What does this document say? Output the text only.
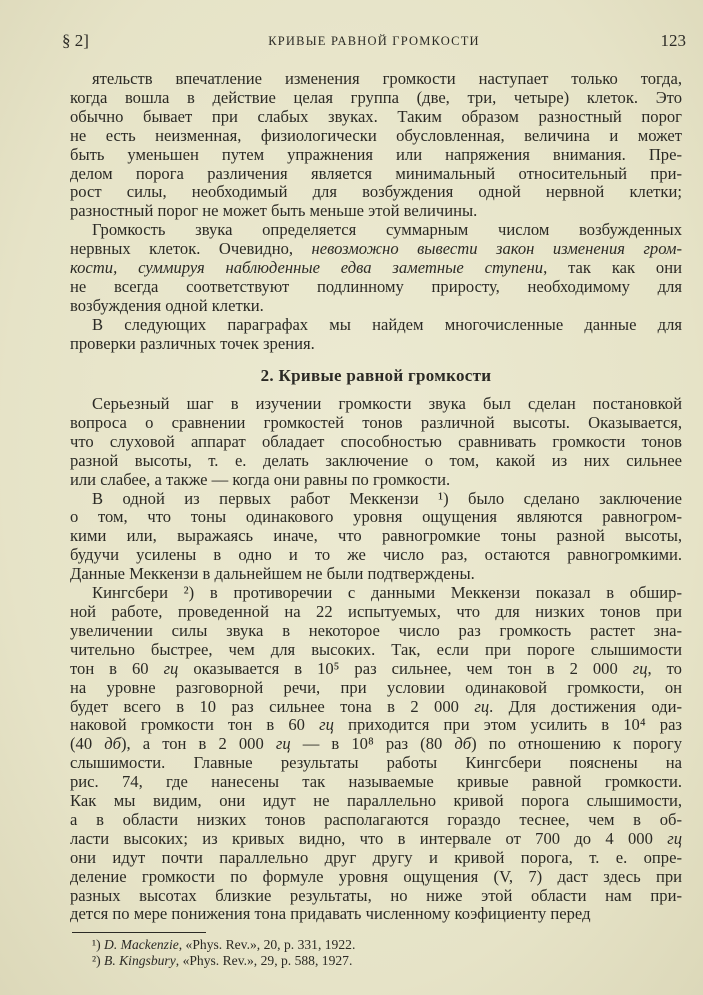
§ 2]	КРИВЫЕ РАВНОЙ ГРОМКОСТИ	123
ятельств впечатление изменения громкости наступает только тогда,
когда вошла в действие целая группа (две, три, четыре) клеток. Это
обычно бывает при слабых звуках. Таким образом разностный порог
не есть неизменная, физиологически обусловленная, величина и может
быть уменьшен путем упражнения или напряжения внимания. Пре-
делом порога различения является минимальный относительный при-
рост силы, необходимый для возбуждения одной нервной клетки;
разностный порог не может быть меньше этой величины.
Громкость звука определяется суммарным числом возбужденных
нервных клеток. Очевидно, невозможно вывести закон изменения гром-
кости, суммируя наблюденные едва заметные ступени, так как они
не всегда соответствуют подлинному приросту, необходимому для
возбуждения одной клетки.
В следующих параграфах мы найдем многочисленные данные для
проверки различных точек зрения.
2. Кривые равной громкости
Серьезный шаг в изучении громкости звука был сделан постановкой
вопроса о сравнении громкостей тонов различной высоты. Оказывается,
что слуховой аппарат обладает способностью сравнивать громкости тонов
разной высоты, т. е. делать заключение о том, какой из них сильнее
или слабее, а также — когда они равны по громкости.
В одной из первых работ Меккензи ¹) было сделано заключение
о том, что тоны одинакового уровня ощущения являются равногром-
кими или, выражаясь иначе, что равногромкие тоны разной высоты,
будучи усилены в одно и то же число раз, остаются равногромкими.
Данные Меккензи в дальнейшем не были подтверждены.
Кингсбери ²) в противоречии с данными Меккензи показал в обшир-
ной работе, проведенной на 22 испытуемых, что для низких тонов при
увеличении силы звука в некоторое число раз громкость растет зна-
чительно быстрее, чем для высоких. Так, если при пороге слышимости
тон в 60 гц оказывается в 10⁵ раз сильнее, чем тон в 2 000 гц, то
на уровне разговорной речи, при условии одинаковой громкости, он
будет всего в 10 раз сильнее тона в 2 000 гц. Для достижения оди-
наковой громкости тон в 60 гц приходится при этом усилить в 10⁴ раз
(40 дб), а тон в 2 000 гц — в 10⁸ раз (80 дб) по отношению к порогу
слышимости. Главные результаты работы Кингсбери пояснены на
рис. 74, где нанесены так называемые кривые равной громкости.
Как мы видим, они идут не параллельно кривой порога слышимости,
а в области низких тонов располагаются гораздо теснее, чем в об-
ласти высоких; из кривых видно, что в интервале от 700 до 4 000 гц
они идут почти параллельно друг другу и кривой порога, т. е. опре-
деление громкости по формуле уровня ощущения (V, 7) даст здесь при
разных высотах близкие результаты, но ниже этой области нам при-
дется по мере понижения тона придавать численному коэфициенту перед
¹) D. Mackenzie, «Phys. Rev.», 20, p. 331, 1922.
²) B. Kingsbury, «Phys. Rev.», 29, p. 588, 1927.
